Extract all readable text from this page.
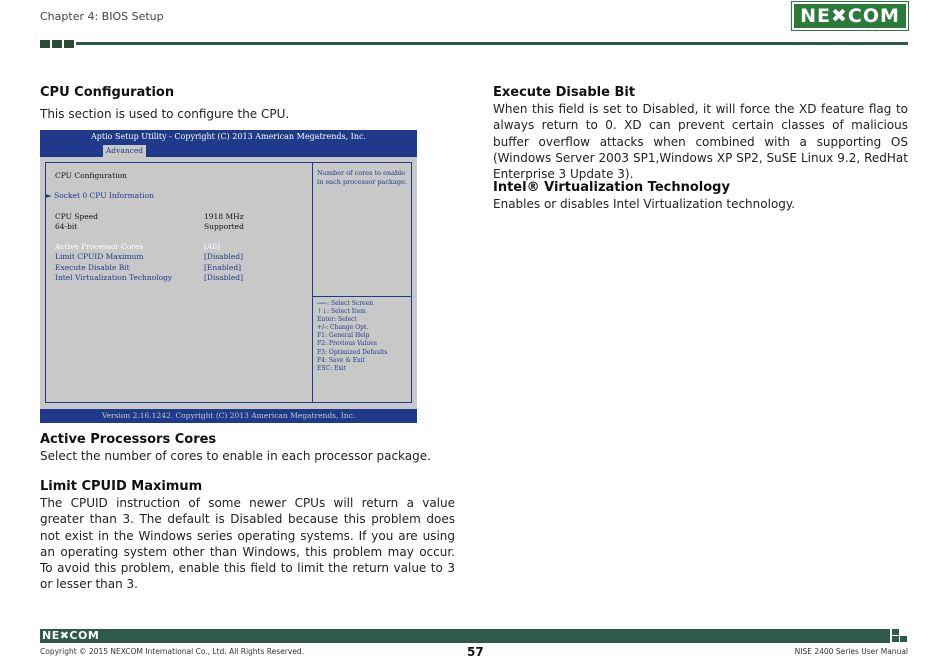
Chapter 4: BIOS Setup	NE✖COM
CPU Configuration
This section is used to configure the CPU.
Aptio Setup Utility - Copyright (C) 2013 American Megatrends, Inc.
Advanced
CPU Configuration
► Socket 0 CPU Information
CPU Speed	1918 MHz
64-bit	Supported
Active Processor Cores	[All]
Limit CPUID Maximum	[Disabled]
Execute Disable Bit	[Enabled]
Intel Virtualization Technology	[Disabled]
Number of cores to enable in each processor package.
→←: Select Screen
↑↓: Select Item
Enter: Select
+/-: Change Opt.
F1: General Help
F2: Previous Values
F3: Optimized Defaults
F4: Save & Exit
ESC: Exit
Version 2.16.1242. Copyright (C) 2013 American Megatrends, Inc.
Active Processors Cores
Select the number of cores to enable in each processor package.
Limit CPUID Maximum
The CPUID instruction of some newer CPUs will return a value greater than 3. The default is Disabled because this problem does not exist in the Windows series operating systems. If you are using an operating system other than Windows, this problem may occur. To avoid this problem, enable this field to limit the return value to 3 or lesser than 3.
Execute Disable Bit
When this field is set to Disabled, it will force the XD feature flag to always return to 0. XD can prevent certain classes of malicious buffer overflow attacks when combined with a supporting OS (Windows Server 2003 SP1,Windows XP SP2, SuSE Linux 9.2, RedHat Enterprise 3 Update 3).
Intel® Virtualization Technology
Enables or disables Intel Virtualization technology.
NE✖COM
Copyright © 2015 NEXCOM International Co., Ltd. All Rights Reserved.	57	NISE 2400 Series User Manual
